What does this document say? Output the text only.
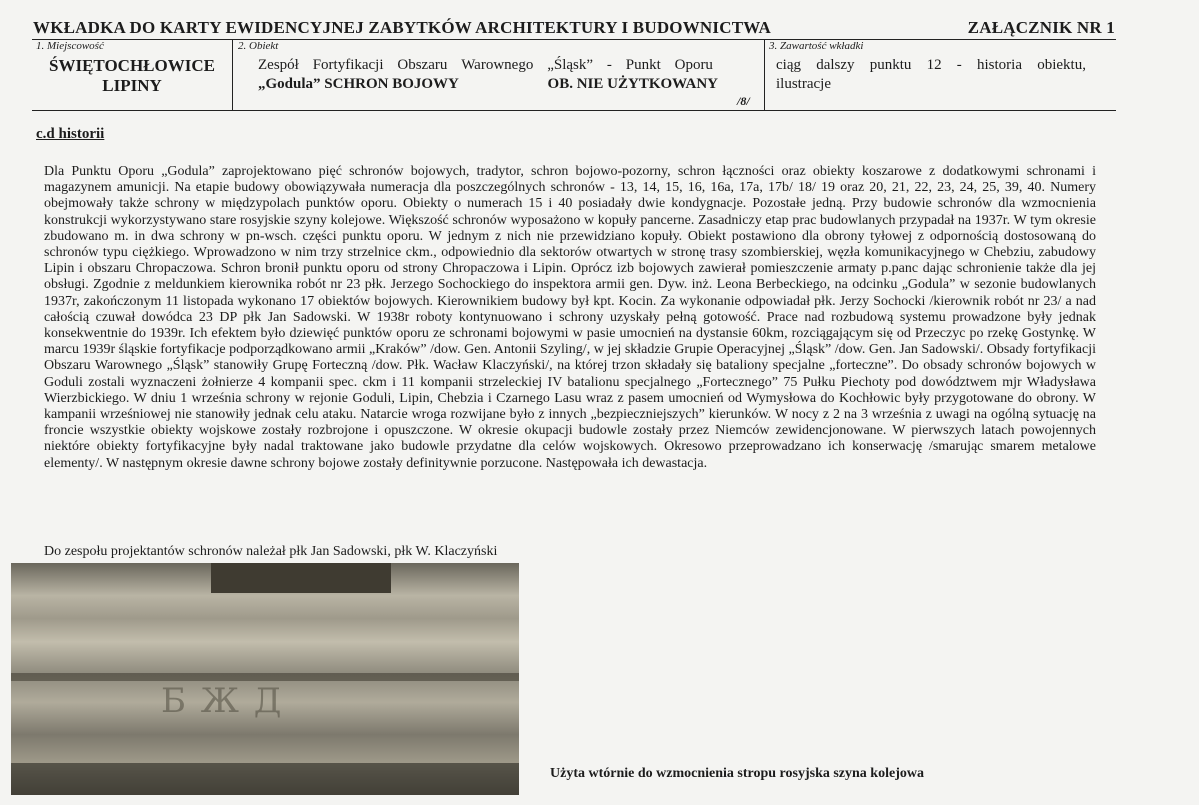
WKŁADKA DO KARTY EWIDENCYJNEJ ZABYTKÓW ARCHITEKTURY I BUDOWNICTWA	ZAŁĄCZNIK NR 1
1. Miejscowość
ŚWIĘTOCHŁOWICE
LIPINY
2. Obiekt
Zespół Fortyfikacji Obszaru Warownego „Śląsk” - Punkt Oporu
„Godula” SCHRON BOJOWY	OB. NIE UŻYTKOWANY
/8/
3. Zawartość wkładki
ciąg dalszy punktu 12 - historia obiektu,
ilustracje
c.d historii

Dla Punktu Oporu „Godula” zaprojektowano pięć schronów bojowych, tradytor, schron bojowo-pozorny, schron łączności oraz obiekty koszarowe z dodatkowymi schronami i magazynem amunicji. Na etapie budowy obowiązywała numeracja dla poszczególnych schronów - 13, 14, 15, 16, 16a, 17a, 17b/ 18/ 19 oraz 20, 21, 22, 23, 24, 25, 39, 40. Numery obejmowały także schrony w międzypolach punktów oporu. Obiekty o numerach 15 i 40 posiadały dwie kondygnacje. Pozostałe jedną. Przy budowie schronów dla wzmocnienia konstrukcji wykorzystywano stare rosyjskie szyny kolejowe. Większość schronów wyposażono w kopuły pancerne. Zasadniczy etap prac budowlanych przypadał na 1937r. W tym okresie zbudowano m. in dwa schrony w pn-wsch. części punktu oporu. W jednym z nich nie przewidziano kopuły. Obiekt postawiono dla obrony tyłowej z odpornością dostosowaną do schronów typu ciężkiego. Wprowadzono w nim trzy strzelnice ckm., odpowiednio dla sektorów otwartych w stronę trasy szombierskiej, węzła komunikacyjnego w Chebziu, zabudowy Lipin i obszaru Chropaczowa. Schron bronił punktu oporu od strony Chropaczowa i Lipin. Oprócz izb bojowych zawierał pomieszczenie armaty p.panc dając schronienie także dla jej obsługi. Zgodnie z meldunkiem kierownika robót nr 23 płk. Jerzego Sochockiego do inspektora armii gen. Dyw. inż. Leona Berbeckiego, na odcinku „Godula” w sezonie budowlanych 1937r, zakończonym 11 listopada wykonano 17 obiektów bojowych. Kierownikiem budowy był kpt. Kocin. Za wykonanie odpowiadał płk. Jerzy Sochocki /kierownik robót nr 23/ a nad całością czuwał dowódca 23 DP płk Jan Sadowski. W 1938r roboty kontynuowano i schrony uzyskały pełną gotowość. Prace nad rozbudową systemu prowadzone były jednak konsekwentnie do 1939r. Ich efektem było dziewięć punktów oporu ze schronami bojowymi w pasie umocnień na dystansie 60km, rozciągającym się od Przeczyc po rzekę Gostynkę. W marcu 1939r śląskie fortyfikacje podporządkowano armii „Kraków” /dow. Gen. Antonii Szyling/, w jej składzie Grupie Operacyjnej „Śląsk” /dow. Gen. Jan Sadowski/. Obsady fortyfikacji Obszaru Warownego „Śląsk” stanowiły Grupę Forteczną /dow. Płk. Wacław Klaczyński/, na której trzon składały się bataliony specjalne „forteczne”. Do obsady schronów bojowych w Goduli zostali wyznaczeni żołnierze 4 kompanii spec. ckm i 11 kompanii strzeleckiej IV batalionu specjalnego „Fortecznego” 75 Pułku Piechoty pod dowództwem mjr Władysława Wierzbickiego. W dniu 1 września schrony w rejonie Goduli, Lipin, Chebzia i Czarnego Lasu wraz z pasem umocnień od Wymysłowa do Kochłowic były przygotowane do obrony. W kampanii wrześniowej nie stanowiły jednak celu ataku. Natarcie wroga rozwijane było z innych „bezpieczniejszych” kierunków. W nocy z 2 na 3 września z uwagi na ogólną sytuację na froncie wszystkie obiekty wojskowe zostały rozbrojone i opuszczone. W okresie okupacji budowle zostały przez Niemców zewidencjonowane. W pierwszych latach powojennych niektóre obiekty fortyfikacyjne były nadal traktowane jako budowle przydatne dla celów wojskowych. Okresowo przeprowadzano ich konserwację /smarując smarem metalowe elementy/. W następnym okresie dawne schrony bojowe zostały definitywnie porzucone. Następowała ich dewastacja.

Do zespołu projektantów schronów należał płk Jan Sadowski, płk W. Klaczyński

Б Ж Д
Użyta wtórnie do wzmocnienia stropu rosyjska szyna kolejowa
